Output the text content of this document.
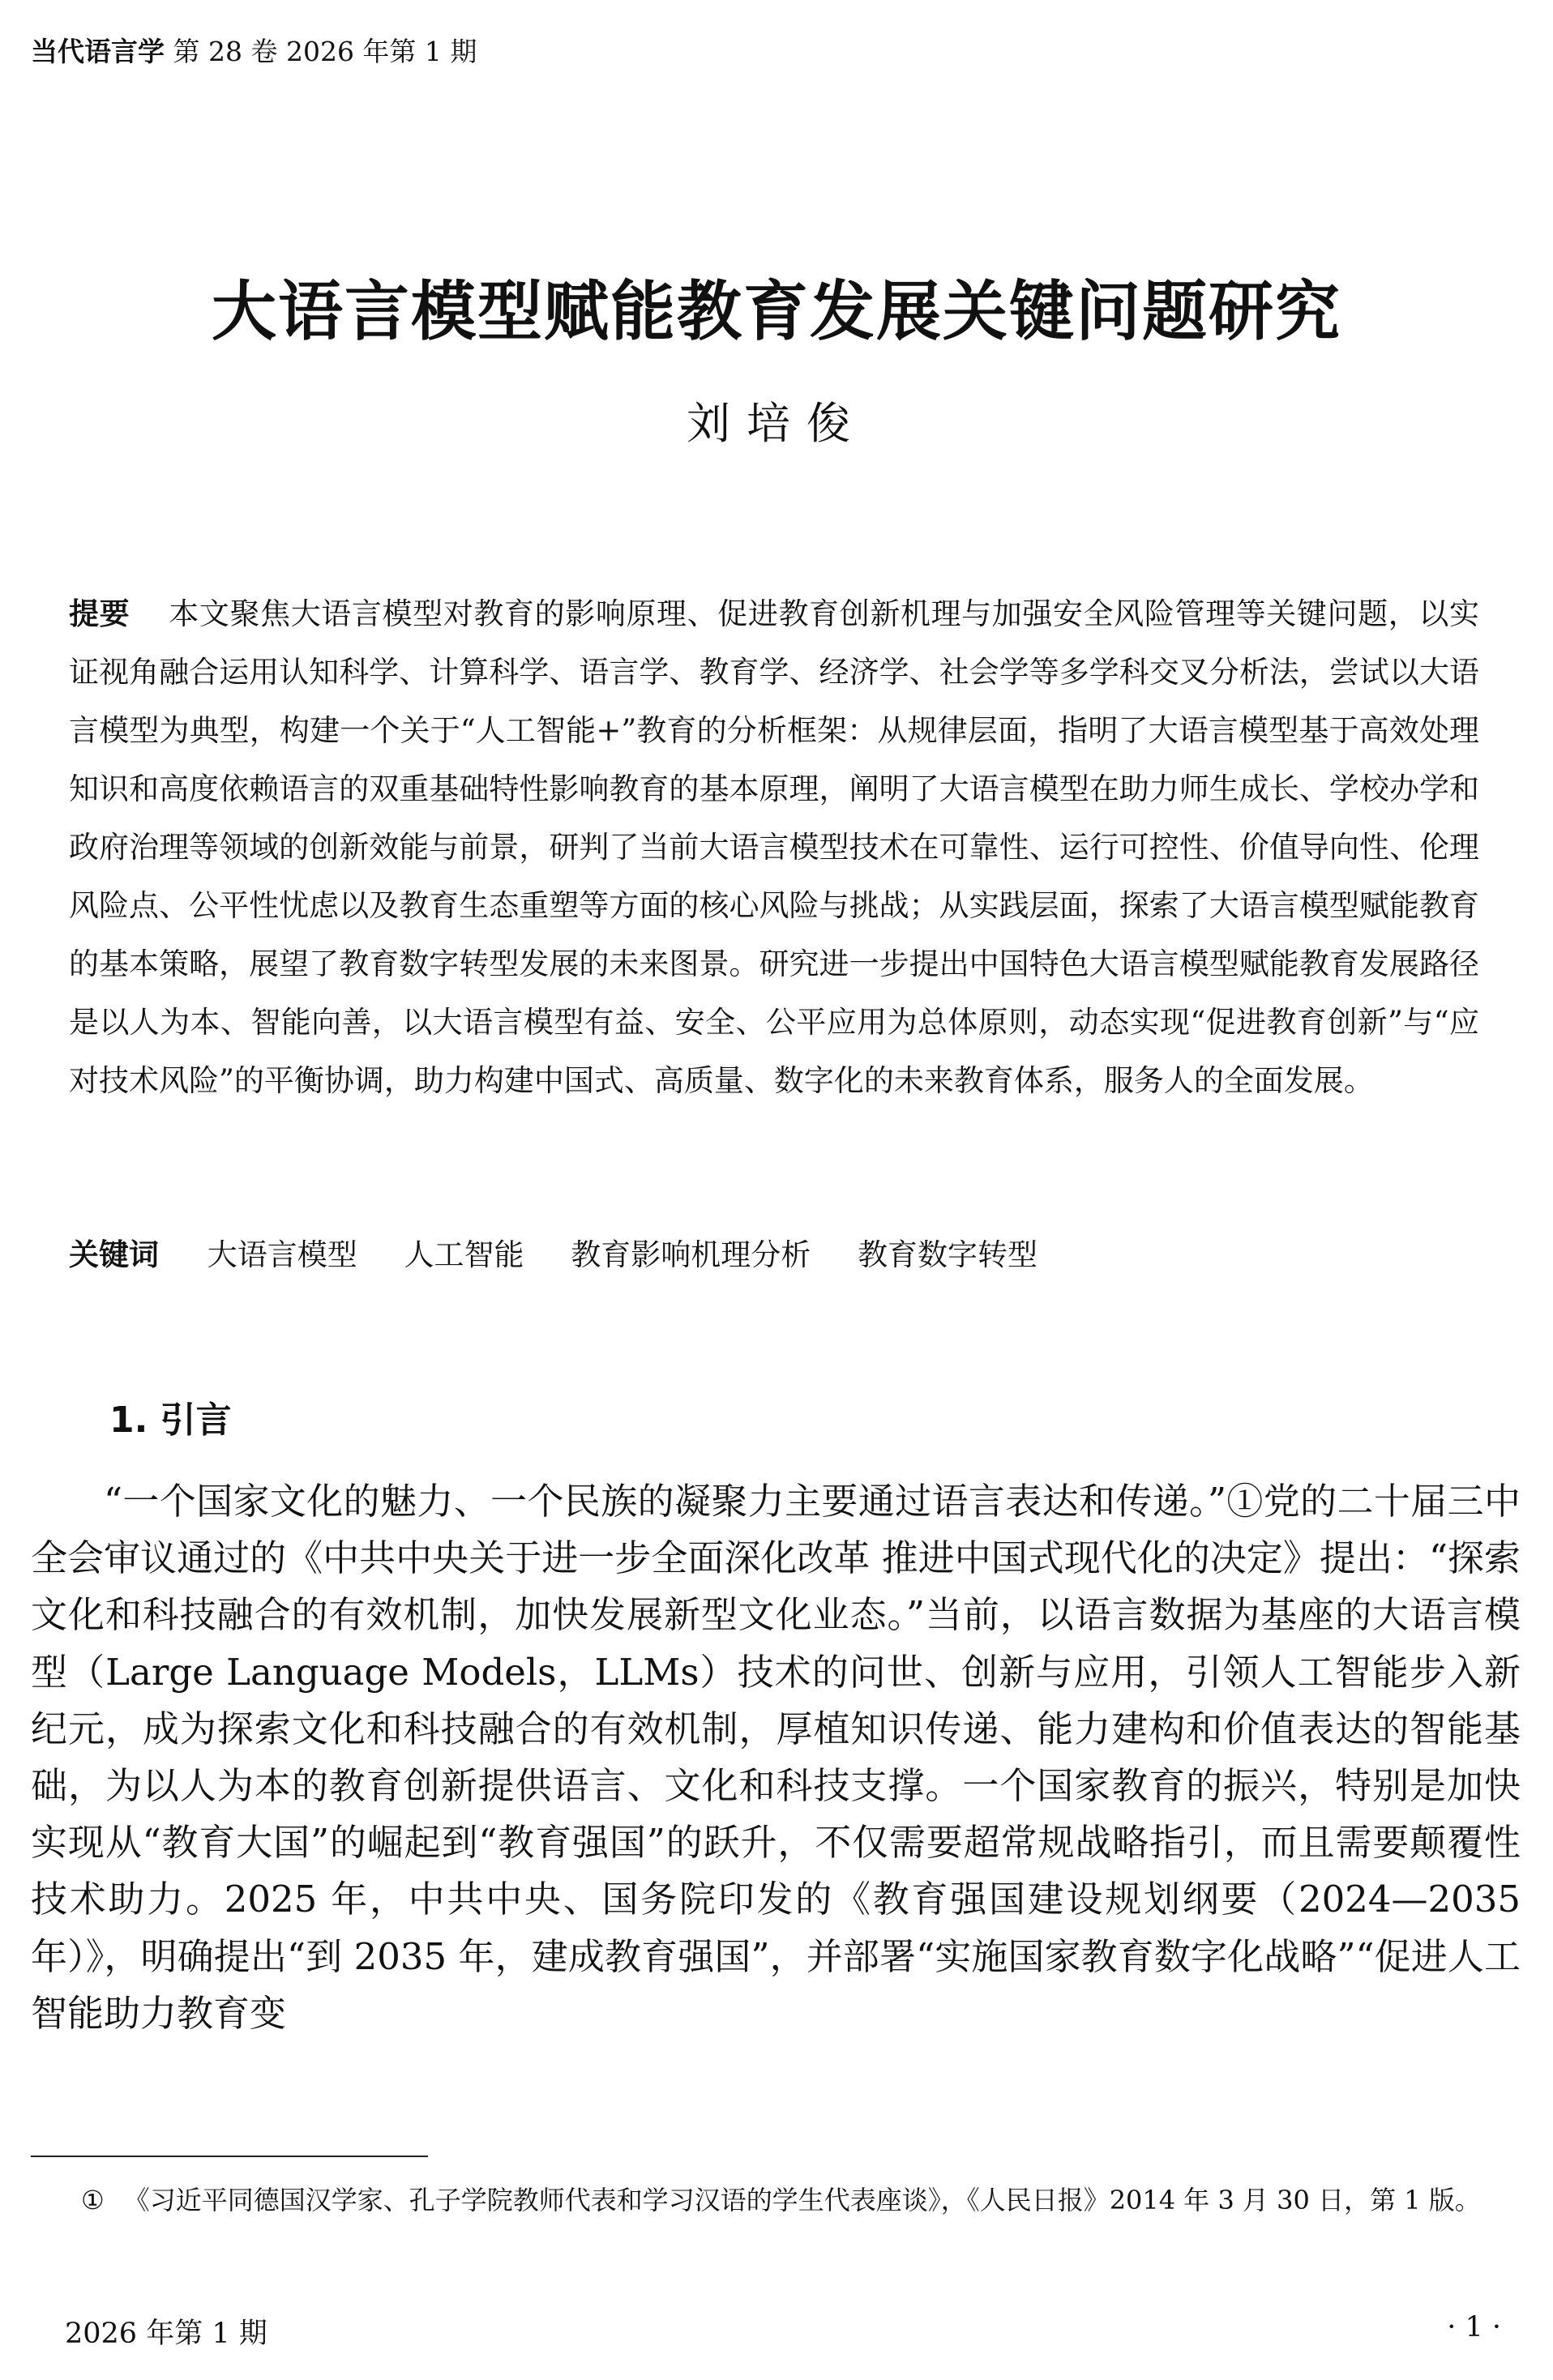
当代语言学 第 28 卷 2026 年第 1 期
大语言模型赋能教育发展关键问题研究
刘培俊
提要 本文聚焦大语言模型对教育的影响原理、促进教育创新机理与加强安全风险管理等关键问题，以实证视角融合运用认知科学、计算科学、语言学、教育学、经济学、社会学等多学科交叉分析法，尝试以大语言模型为典型，构建一个关于“人工智能+”教育的分析框架：从规律层面，指明了大语言模型基于高效处理知识和高度依赖语言的双重基础特性影响教育的基本原理，阐明了大语言模型在助力师生成长、学校办学和政府治理等领域的创新效能与前景，研判了当前大语言模型技术在可靠性、运行可控性、价值导向性、伦理风险点、公平性忧虑以及教育生态重塑等方面的核心风险与挑战；从实践层面，探索了大语言模型赋能教育的基本策略，展望了教育数字转型发展的未来图景。研究进一步提出中国特色大语言模型赋能教育发展路径是以人为本、智能向善，以大语言模型有益、安全、公平应用为总体原则，动态实现“促进教育创新”与“应对技术风险”的平衡协调，助力构建中国式、高质量、数字化的未来教育体系，服务人的全面发展。
关键词 大语言模型 人工智能 教育影响机理分析 教育数字转型
1. 引言
“一个国家文化的魅力、一个民族的凝聚力主要通过语言表达和传递。”①党的二十届三中全会审议通过的《中共中央关于进一步全面深化改革 推进中国式现代化的决定》提出：“探索文化和科技融合的有效机制，加快发展新型文化业态。”当前，以语言数据为基座的大语言模型（Large Language Models，LLMs）技术的问世、创新与应用，引领人工智能步入新纪元，成为探索文化和科技融合的有效机制，厚植知识传递、能力建构和价值表达的智能基础，为以人为本的教育创新提供语言、文化和科技支撑。一个国家教育的振兴，特别是加快实现从“教育大国”的崛起到“教育强国”的跃升，不仅需要超常规战略指引，而且需要颠覆性技术助力。2025 年，中共中央、国务院印发的《教育强国建设规划纲要（2024—2035 年）》，明确提出“到 2035 年，建成教育强国”，并部署“实施国家教育数字化战略”“促进人工智能助力教育变
① 《习近平同德国汉学家、孔子学院教师代表和学习汉语的学生代表座谈》，《人民日报》2014 年 3 月 30 日，第 1 版。
2026 年第 1 期	· 1 ·
